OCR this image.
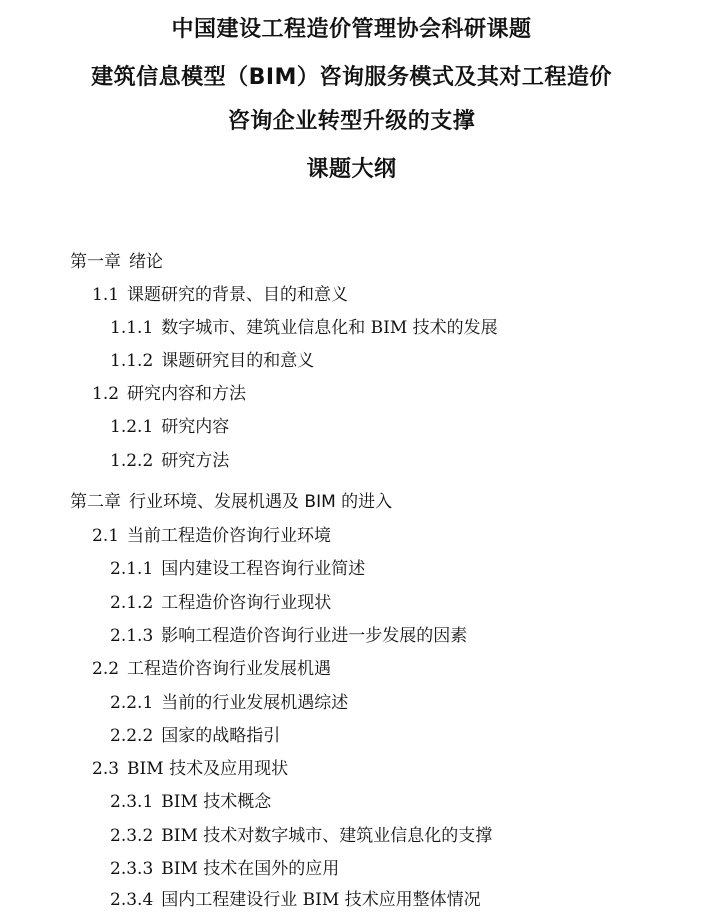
中国建设工程造价管理协会科研课题
建筑信息模型（BIM）咨询服务模式及其对工程造价
咨询企业转型升级的支撑
课题大纲
第一章 绪论
1.1 课题研究的背景、目的和意义
1.1.1 数字城市、建筑业信息化和 BIM 技术的发展
1.1.2 课题研究目的和意义
1.2 研究内容和方法
1.2.1 研究内容
1.2.2 研究方法
第二章 行业环境、发展机遇及 BIM 的进入
2.1 当前工程造价咨询行业环境
2.1.1 国内建设工程咨询行业简述
2.1.2 工程造价咨询行业现状
2.1.3 影响工程造价咨询行业进一步发展的因素
2.2 工程造价咨询行业发展机遇
2.2.1 当前的行业发展机遇综述
2.2.2 国家的战略指引
2.3 BIM 技术及应用现状
2.3.1 BIM 技术概念
2.3.2 BIM 技术对数字城市、建筑业信息化的支撑
2.3.3 BIM 技术在国外的应用
2.3.4 国内工程建设行业 BIM 技术应用整体情况
